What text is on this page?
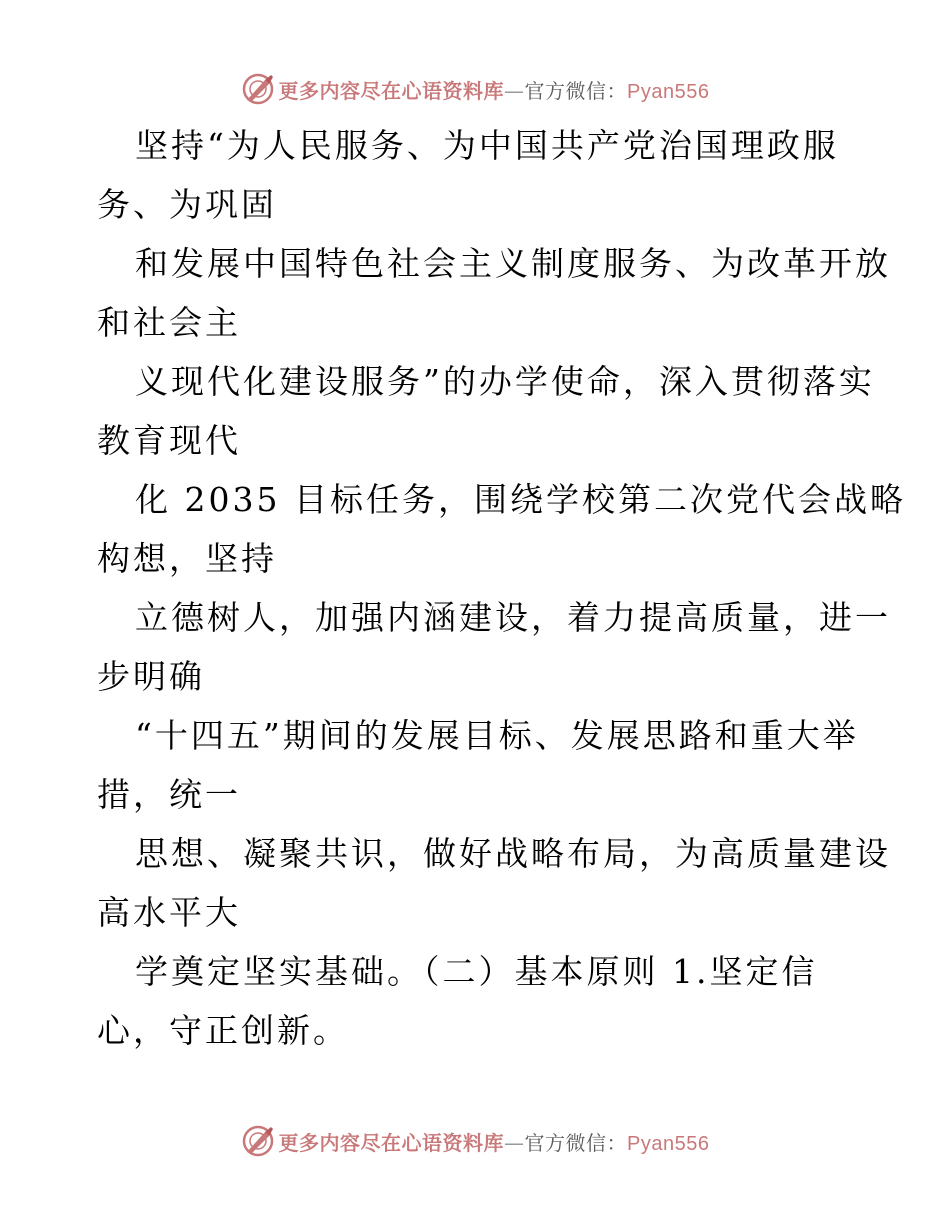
更多内容尽在心语资料库—官方微信：Pyan556
坚持“为人民服务、为中国共产党治国理政服
务、为巩固
和发展中国特色社会主义制度服务、为改革开放
和社会主
义现代化建设服务”的办学使命，深入贯彻落实
教育现代
化 2035 目标任务，围绕学校第二次党代会战略
构想，坚持
立德树人，加强内涵建设，着力提高质量，进一
步明确
“十四五”期间的发展目标、发展思路和重大举
措，统一
思想、凝聚共识，做好战略布局，为高质量建设
高水平大
学奠定坚实基础。（二）基本原则 1.坚定信
心，守正创新。
更多内容尽在心语资料库—官方微信：Pyan556
